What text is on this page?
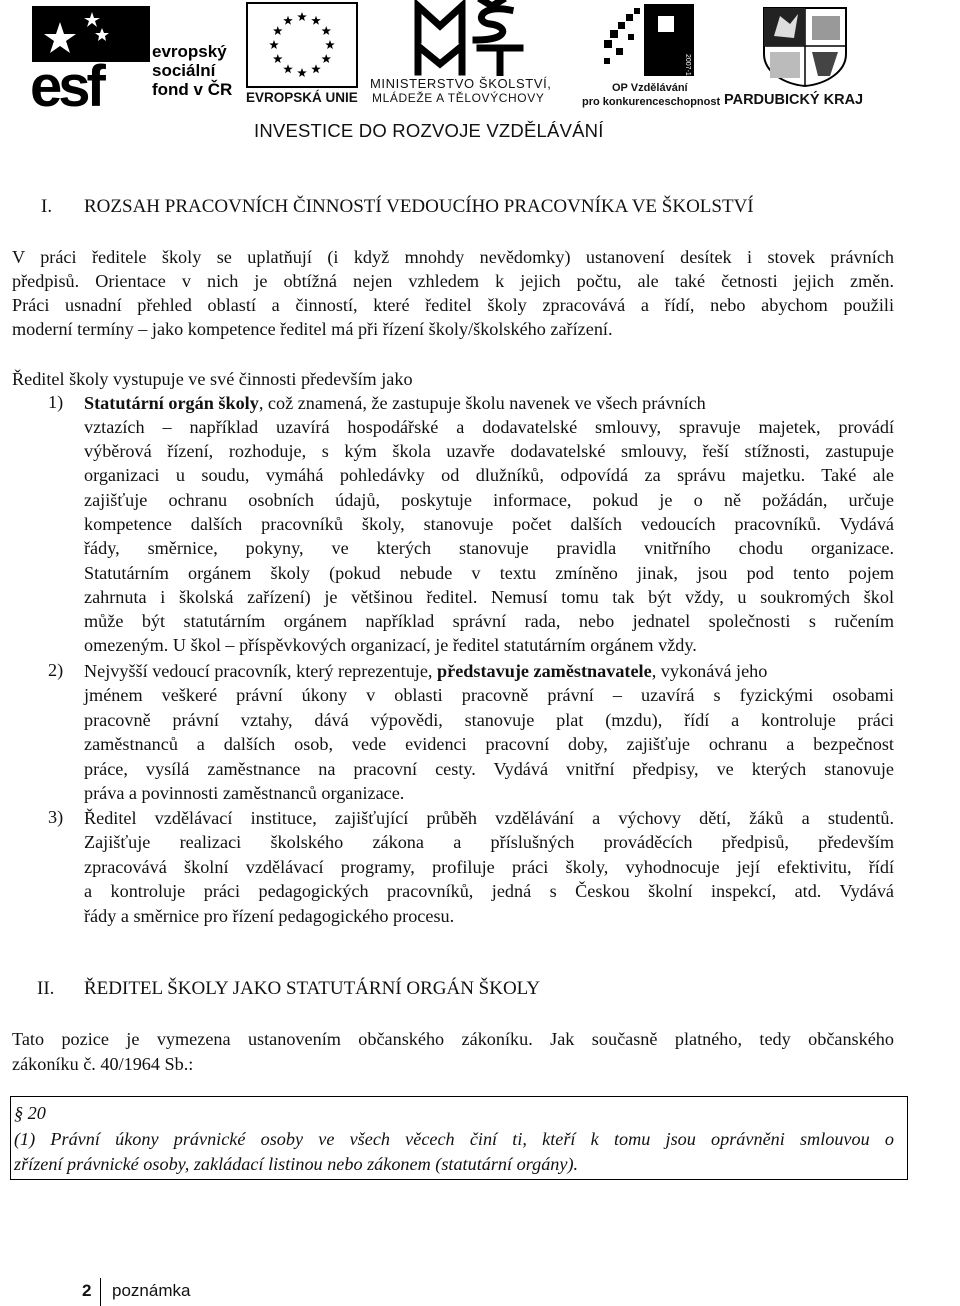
esf
evropský
sociální
fond v ČR EVROPSKÁ UNIE
MINISTERSTVO ŠKOLSTVÍ,
MLÁDEŽE A TĚLOVÝCHOVY
2007-13
OP Vzdělávání
pro konkurenceschopnost PARDUBICKÝ KRAJ
INVESTICE DO ROZVOJE VZDĚLÁVÁNÍ
I. ROZSAH PRACOVNÍCH ČINNOSTÍ VEDOUCÍHO PRACOVNÍKA VE ŠKOLSTVÍ
V práci ředitele školy se uplatňují (i když mnohdy nevědomky) ustanovení desítek i stovek právních
předpisů. Orientace v nich je obtížná nejen vzhledem k jejich počtu, ale také četnosti jejich změn.
Práci usnadní přehled oblastí a činností, které ředitel školy zpracovává a řídí, nebo abychom použili
moderní termíny – jako kompetence ředitel má při řízení školy/školského zařízení.
Ředitel školy vystupuje ve své činnosti především jako
1) Statutární orgán školy, což znamená, že zastupuje školu navenek ve všech právních
vztazích – například uzavírá hospodářské a dodavatelské smlouvy, spravuje majetek, provádí
výběrová řízení, rozhoduje, s kým škola uzavře dodavatelské smlouvy, řeší stížnosti, zastupuje
organizaci u soudu, vymáhá pohledávky od dlužníků, odpovídá za správu majetku. Také ale
zajišťuje ochranu osobních údajů, poskytuje informace, pokud je o ně požádán, určuje
kompetence dalších pracovníků školy, stanovuje počet dalších vedoucích pracovníků. Vydává
řády, směrnice, pokyny, ve kterých stanovuje pravidla vnitřního chodu organizace.
Statutárním orgánem školy (pokud nebude v textu zmíněno jinak, jsou pod tento pojem
zahrnuta i školská zařízení) je většinou ředitel. Nemusí tomu tak být vždy, u soukromých škol
může být statutárním orgánem například správní rada, nebo jednatel společnosti s ručením
omezeným. U škol – příspěvkových organizací, je ředitel statutárním orgánem vždy.
2) Nejvyšší vedoucí pracovník, který reprezentuje, představuje zaměstnavatele, vykonává jeho
jménem veškeré právní úkony v oblasti pracovně právní – uzavírá s fyzickými osobami
pracovně právní vztahy, dává výpovědi, stanovuje plat (mzdu), řídí a kontroluje práci
zaměstnanců a dalších osob, vede evidenci pracovní doby, zajišťuje ochranu a bezpečnost
práce, vysílá zaměstnance na pracovní cesty. Vydává vnitřní předpisy, ve kterých stanovuje
práva a povinnosti zaměstnanců organizace.
3) Ředitel vzdělávací instituce, zajišťující průběh vzdělávání a výchovy dětí, žáků a studentů.
Zajišťuje realizaci školského zákona a příslušných prováděcích předpisů, především
zpracovává školní vzdělávací programy, profiluje práci školy, vyhodnocuje její efektivitu, řídí
a kontroluje práci pedagogických pracovníků, jedná s Českou školní inspekcí, atd. Vydává
řády a směrnice pro řízení pedagogického procesu.
II. ŘEDITEL ŠKOLY JAKO STATUTÁRNÍ ORGÁN ŠKOLY
Tato pozice je vymezena ustanovením občanského zákoníku. Jak současně platného, tedy občanského
zákoníku č. 40/1964 Sb.:
§ 20
(1) Právní úkony právnické osoby ve všech věcech činí ti, kteří k tomu jsou oprávněni smlouvou o
zřízení právnické osoby, zakládací listinou nebo zákonem (statutární orgány).
2 poznámka
